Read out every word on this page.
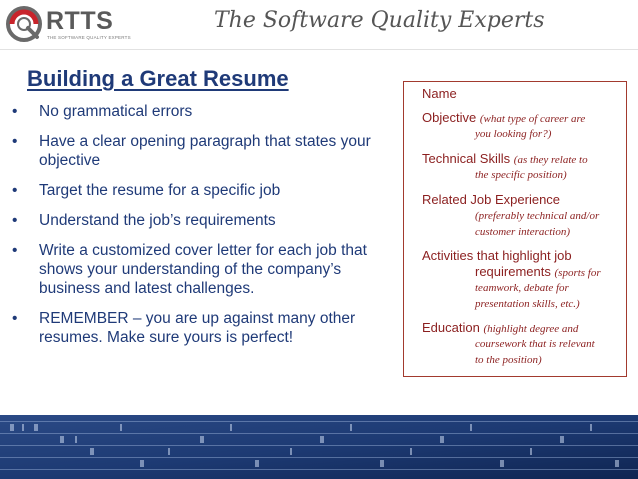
RTTS
THE SOFTWARE QUALITY EXPERTS
The Software Quality Experts
Building a Great Resume
• No grammatical errors
• Have a clear opening paragraph that states your objective
• Target the resume for a specific job
• Understand the job’s requirements
• Write a customized cover letter for each job that shows your understanding of the company’s business and latest challenges.
• REMEMBER – you are up against many other resumes. Make sure yours is perfect!
Name
Objective (what type of career are
you looking for?)
Technical Skills (as they relate to
the specific position)
Related Job Experience
(preferably technical and/or
customer interaction)
Activities that highlight job
requirements (sports for
teamwork, debate for
presentation skills, etc.)
Education (highlight degree and
coursework that is relevant
to the position)
